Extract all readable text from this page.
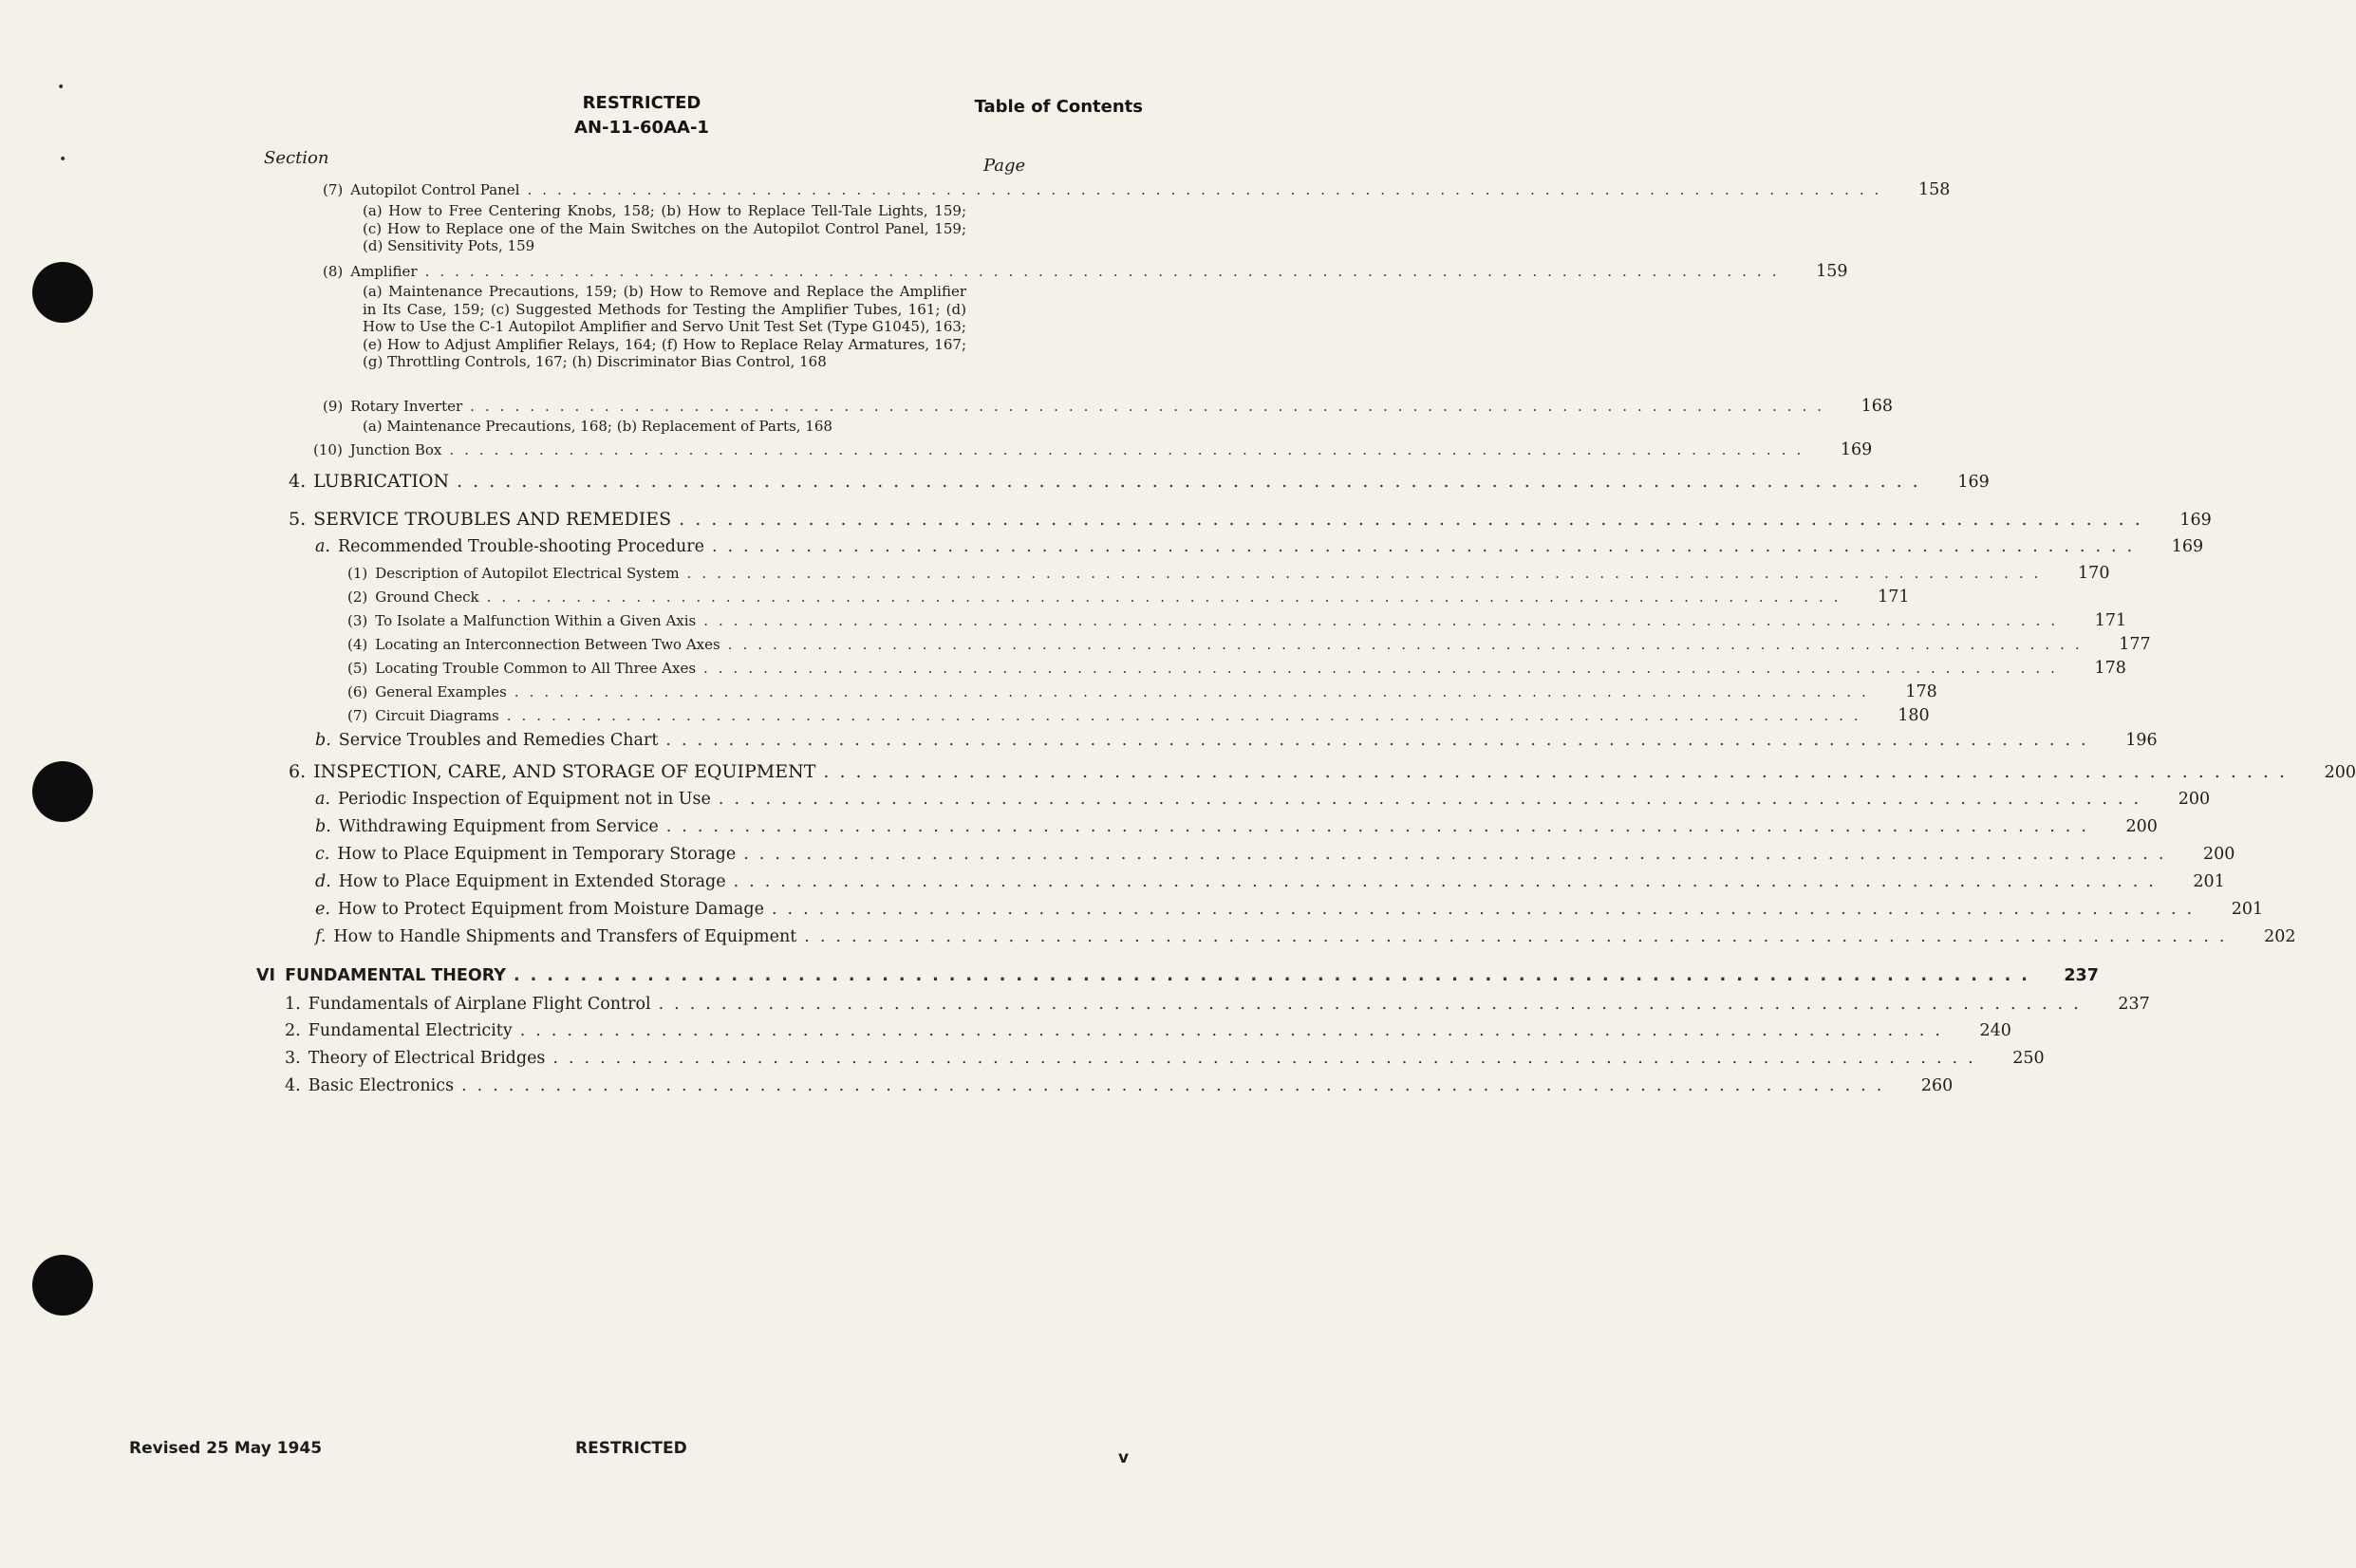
•
•
RESTRICTED
AN-11-60AA-1
Table of Contents
Section	Page
(7) Autopilot Control Panel ...........................................................................................	158
(a) How to Free Centering Knobs, 158; (b) How to Replace Tell-Tale Lights, 159; (c) How to Replace one of the Main Switches on the Autopilot Control Panel, 159; (d) Sensitivity Pots, 159
(8) Amplifier ...........................................................................................	159
(a) Maintenance Precautions, 159; (b) How to Remove and Replace the Amplifier in Its Case, 159; (c) Suggested Methods for Testing the Amplifier Tubes, 161; (d) How to Use the C-1 Autopilot Amplifier and Servo Unit Test Set (Type G1045), 163; (e) How to Adjust Amplifier Relays, 164; (f) How to Replace Relay Armatures, 167; (g) Throttling Controls, 167; (h) Discriminator Bias Control, 168
(9) Rotary Inverter ...........................................................................................	168
(a) Maintenance Precautions, 168; (b) Replacement of Parts, 168
(10) Junction Box ...........................................................................................	169
4. LUBRICATION ...........................................................................................	169
5. SERVICE TROUBLES AND REMEDIES ...........................................................................................	169
a. Recommended Trouble-shooting Procedure ...........................................................................................	169
(1) Description of Autopilot Electrical System ...........................................................................................	170
(2) Ground Check ...........................................................................................	171
(3) To Isolate a Malfunction Within a Given Axis ...........................................................................................	171
(4) Locating an Interconnection Between Two Axes ...........................................................................................	177
(5) Locating Trouble Common to All Three Axes ...........................................................................................	178
(6) General Examples ...........................................................................................	178
(7) Circuit Diagrams ...........................................................................................	180
b. Service Troubles and Remedies Chart ...........................................................................................	196
6. INSPECTION, CARE, AND STORAGE OF EQUIPMENT ...........................................................................................	200
a. Periodic Inspection of Equipment not in Use ...........................................................................................	200
b. Withdrawing Equipment from Service ...........................................................................................	200
c. How to Place Equipment in Temporary Storage ...........................................................................................	200
d. How to Place Equipment in Extended Storage ...........................................................................................	201
e. How to Protect Equipment from Moisture Damage ...........................................................................................	201
f. How to Handle Shipments and Transfers of Equipment ...........................................................................................	202
VI FUNDAMENTAL THEORY ...........................................................................................	237
1. Fundamentals of Airplane Flight Control ...........................................................................................	237
2. Fundamental Electricity ...........................................................................................	240
3. Theory of Electrical Bridges ...........................................................................................	250
4. Basic Electronics ...........................................................................................	260
Revised 25 May 1945	RESTRICTED	v
